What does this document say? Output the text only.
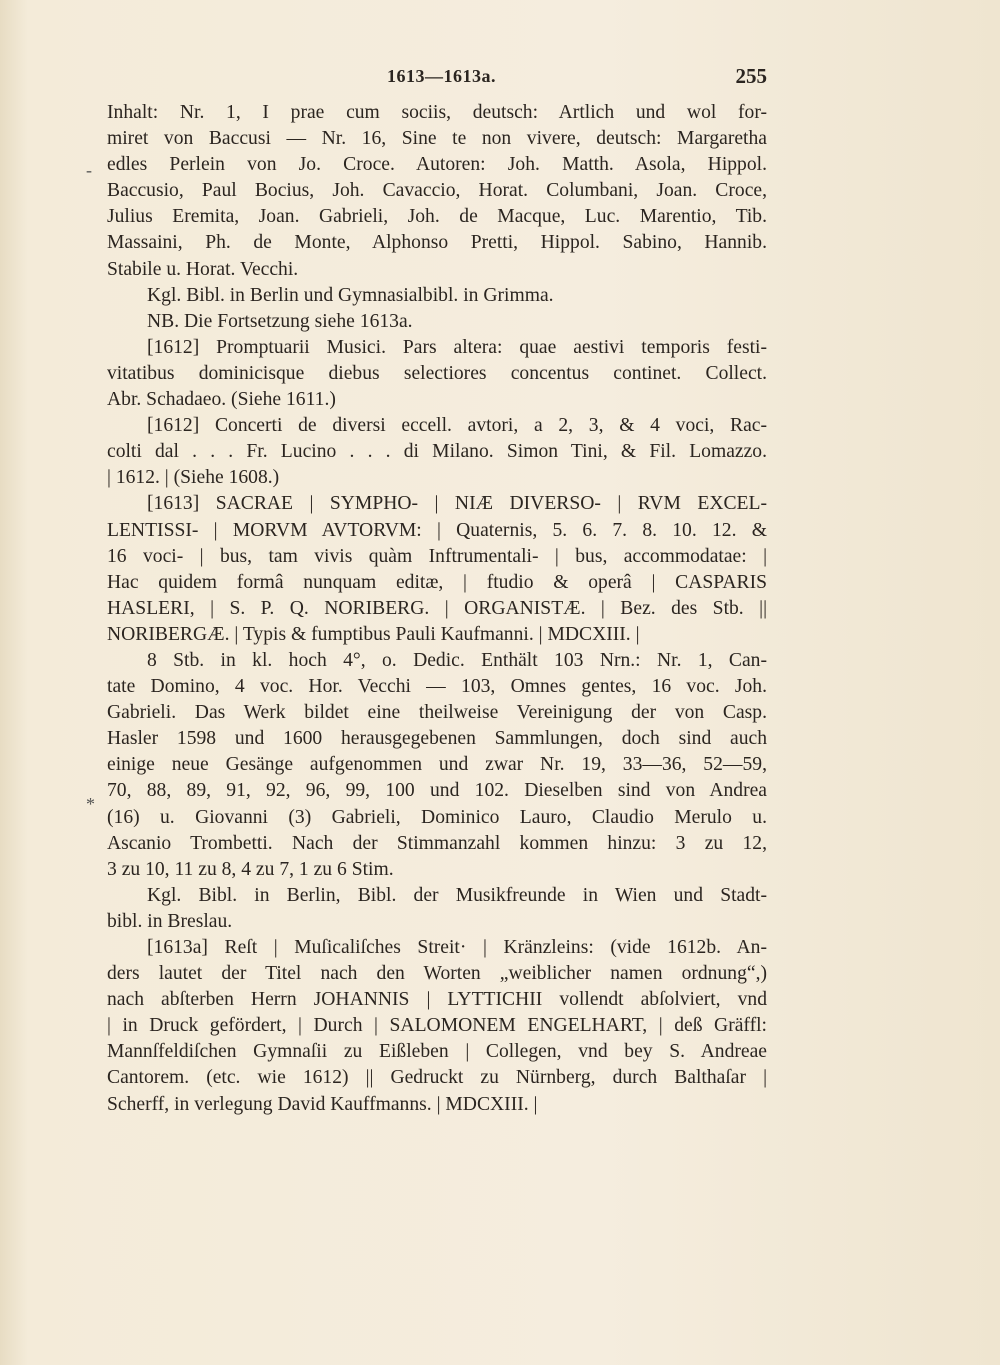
1613—1613a.	255
-
*
Inhalt: Nr. 1, I prae cum sociis, deutsch: Artlich und wol for-
miret von Baccusi — Nr. 16, Sine te non vivere, deutsch: Margaretha
edles Perlein von Jo. Croce. Autoren: Joh. Matth. Asola, Hippol.
Baccusio, Paul Bocius, Joh. Cavaccio, Horat. Columbani, Joan. Croce,
Julius Eremita, Joan. Gabrieli, Joh. de Macque, Luc. Marentio, Tib.
Massaini, Ph. de Monte, Alphonso Pretti, Hippol. Sabino, Hannib.
Stabile u. Horat. Vecchi.
Kgl. Bibl. in Berlin und Gymnasialbibl. in Grimma.
NB. Die Fortsetzung siehe 1613a.
[1612] Promptuarii Musici. Pars altera: quae aestivi temporis festi-
vitatibus dominicisque diebus selectiores concentus continet. Collect.
Abr. Schadaeo. (Siehe 1611.)
[1612] Concerti de diversi eccell. avtori, a 2, 3, & 4 voci, Rac-
colti dal . . . Fr. Lucino . . . di Milano. Simon Tini, & Fil. Lomazzo.
| 1612. | (Siehe 1608.)
[1613] SACRAE | SYMPHO- | NIÆ DIVERSO- | RVM EXCEL-
LENTISSI- | MORVM AVTORVM: | Quaternis, 5. 6. 7. 8. 10. 12. &
16 voci- | bus, tam vivis quàm Inftrumentali- | bus, accommodatae: |
Hac quidem formâ nunquam editæ, | ftudio & operâ | CASPARIS
HASLERI, | S. P. Q. NORIBERG. | ORGANISTÆ. | Bez. des Stb. ||
NORIBERGÆ. | Typis & fumptibus Pauli Kaufmanni. | MDCXIII. |
8 Stb. in kl. hoch 4°, o. Dedic. Enthält 103 Nrn.: Nr. 1, Can-
tate Domino, 4 voc. Hor. Vecchi — 103, Omnes gentes, 16 voc. Joh.
Gabrieli. Das Werk bildet eine theilweise Vereinigung der von Casp.
Hasler 1598 und 1600 herausgegebenen Sammlungen, doch sind auch
einige neue Gesänge aufgenommen und zwar Nr. 19, 33—36, 52—59,
70, 88, 89, 91, 92, 96, 99, 100 und 102. Dieselben sind von Andrea
(16) u. Giovanni (3) Gabrieli, Dominico Lauro, Claudio Merulo u.
Ascanio Trombetti. Nach der Stimmanzahl kommen hinzu: 3 zu 12,
3 zu 10, 11 zu 8, 4 zu 7, 1 zu 6 Stim.
Kgl. Bibl. in Berlin, Bibl. der Musikfreunde in Wien und Stadt-
bibl. in Breslau.
[1613a] Reſt | Muſicaliſches Streit· | Kränzleins: (vide 1612b. An-
ders lautet der Titel nach den Worten „weiblicher namen ordnung“,)
nach abſterben Herrn JOHANNIS | LYTTICHII vollendt abſolviert, vnd
| in Druck gefördert, | Durch | SALOMONEM ENGELHART, | deß Gräffl:
Mannſfeldiſchen Gymnaſii zu Eißleben | Collegen, vnd bey S. Andreae
Cantorem. (etc. wie 1612) || Gedruckt zu Nürnberg, durch Balthaſar |
Scherff, in verlegung David Kauffmanns. | MDCXIII. |
